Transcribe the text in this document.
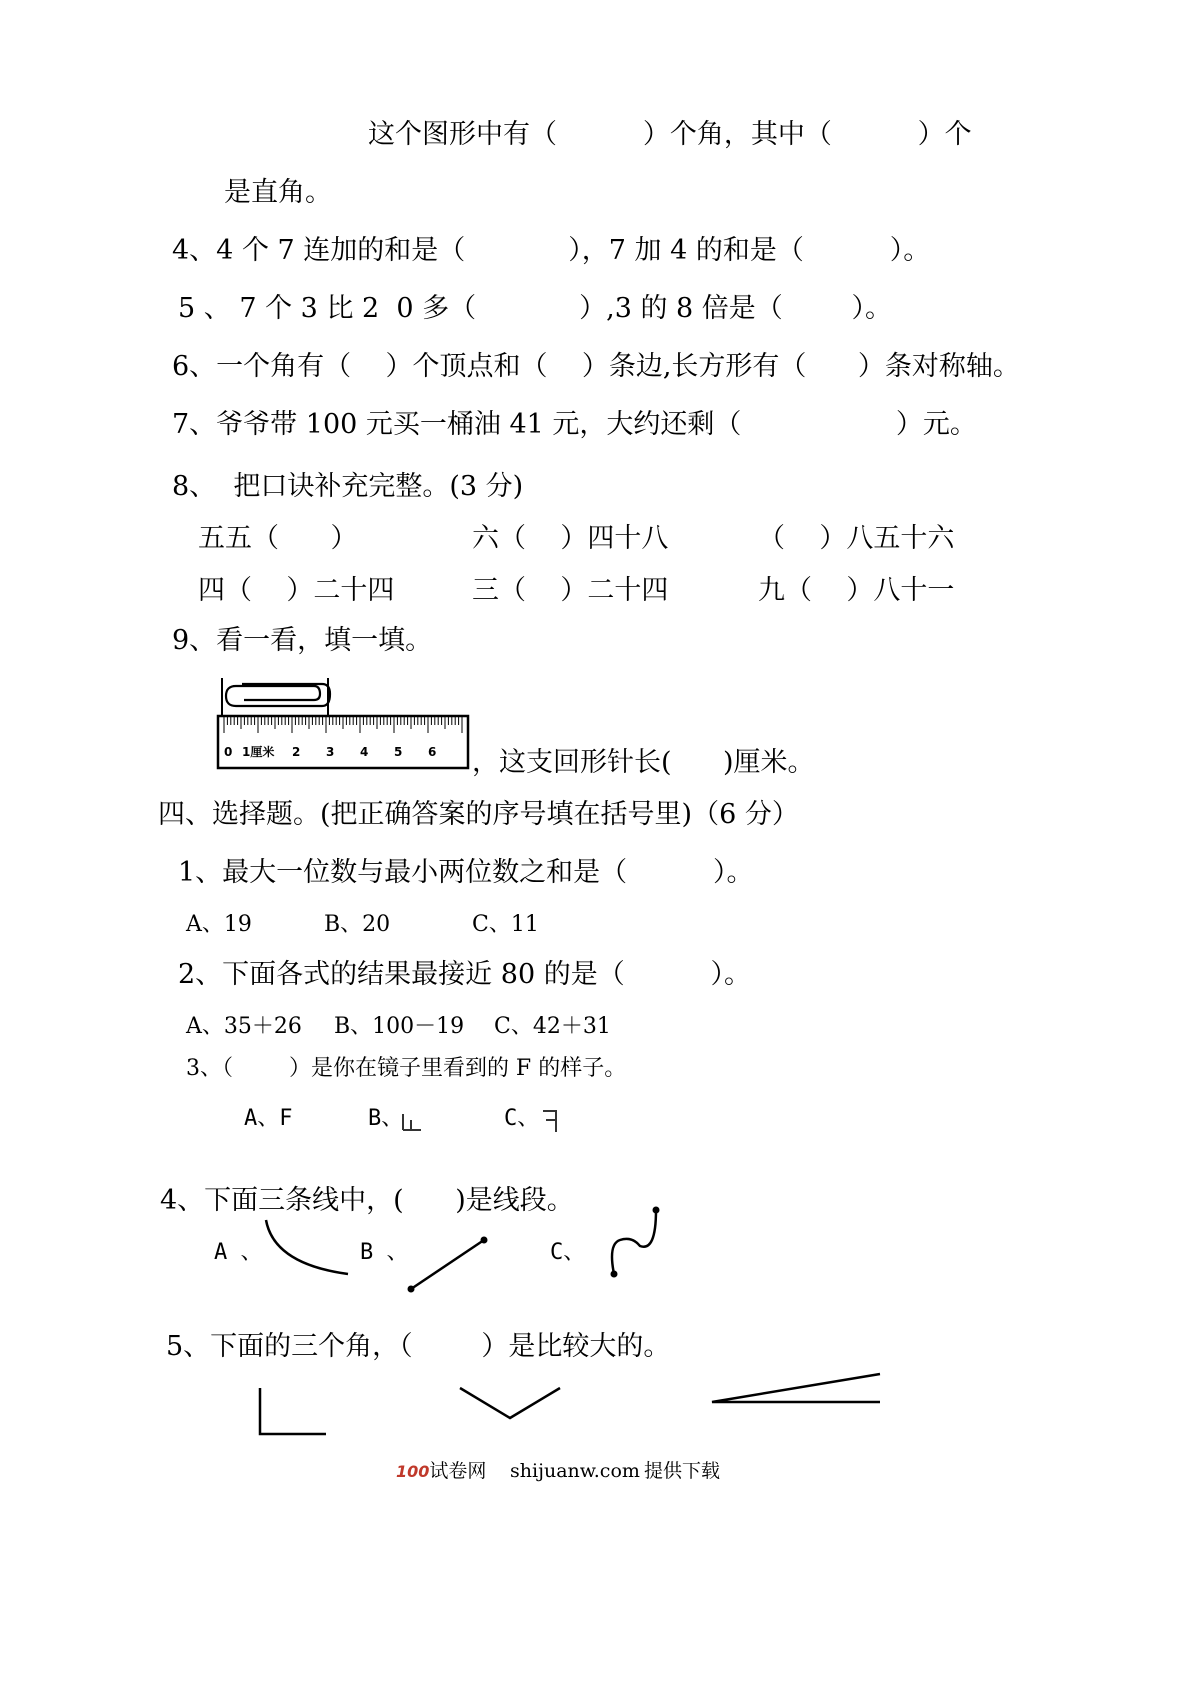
这个图形中有（          ）个角，其中（          ）个
是直角。
4、4 个 7 连加的和是（            ），7 加 4 的和是（          ）。
5 、 7 个 3 比 2  0 多（            ）,3 的 8 倍是（        ）。
6、一个角有（    ）个顶点和（    ）条边,长方形有（      ）条对称轴。
7、爷爷带 100 元买一桶油 41 元，大约还剩（                  ）元。
8、  把口诀补充完整。(3 分)
五五（      ）	六（    ）四十八	（    ）八五十六
四（    ）二十四	三（    ）二十四	九（    ）八十一
9、看一看，填一填。
0 1厘米 2 3 4 5 6 ，这支回形针长(      )厘米。
四、选择题。(把正确答案的序号填在括号里)（6 分）
1、最大一位数与最小两位数之和是（          ）。
A、19	B、20	C、11
2、下面各式的结果最接近 80 的是（          ）。
A、35＋26 B、100－19 C、42＋31
3、（        ）是你在镜子里看到的 F 的样子。
A、F	B、	C、
4、下面三条线中，(      )是线段。
A 、	B 、	C、
5、下面的三个角，（        ）是比较大的。
100试卷网 shijuanw.com 提供下载
